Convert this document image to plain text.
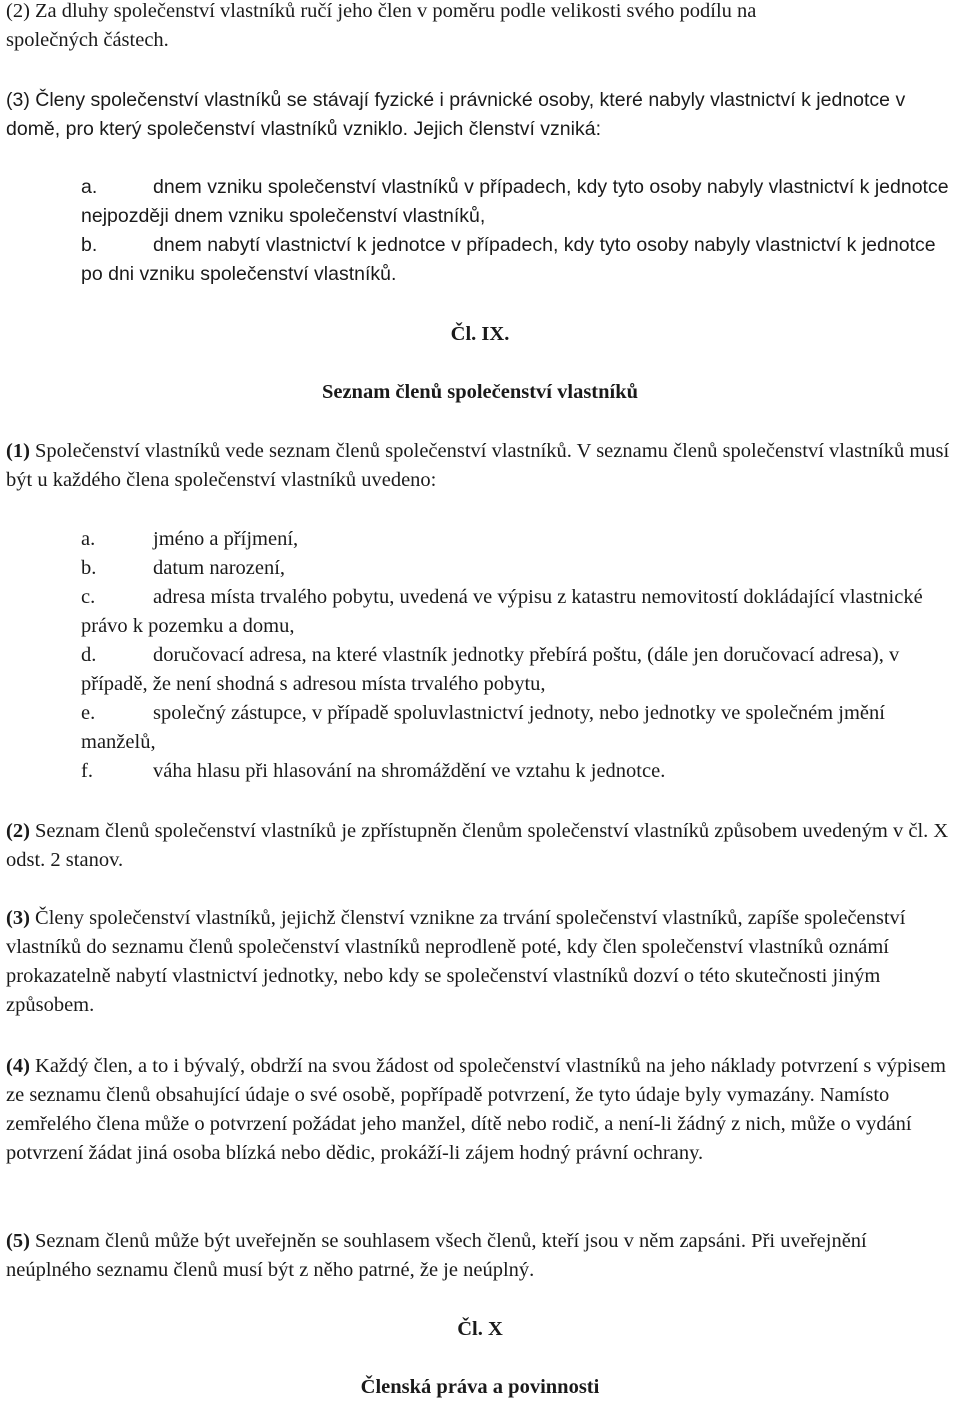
(2) Za dluhy společenství vlastníků ručí jeho člen v poměru podle velikosti svého podílu na
společných částech.

(3) Členy společenství vlastníků se stávají fyzické i právnické osoby, které nabyly vlastnictví k jednotce v domě, pro který společenství vlastníků vzniklo. Jejich členství vzniká:

a.	dnem vzniku společenství vlastníků v případech, kdy tyto osoby nabyly vlastnictví k jednotce nejpozději dnem vzniku společenství vlastníků,
b.	dnem nabytí vlastnictví k jednotce v případech, kdy tyto osoby nabyly vlastnictví k jednotce po dni vzniku společenství vlastníků.
Čl. IX.
Seznam členů společenství vlastníků

(1) Společenství vlastníků vede seznam členů společenství vlastníků. V seznamu členů společenství vlastníků musí být u každého člena společenství vlastníků uvedeno:

a.	jméno a příjmení,
b.	datum narození,
c.	adresa místa trvalého pobytu, uvedená ve výpisu z katastru nemovitostí dokládající vlastnické právo k pozemku a domu,
d.	doručovací adresa, na které vlastník jednotky přebírá poštu, (dále jen doručovací adresa), v případě, že není shodná s adresou místa trvalého pobytu,
e.	společný zástupce, v případě spoluvlastnictví jednoty, nebo jednotky ve společném jmění manželů,
f.	váha hlasu při hlasování na shromáždění ve vztahu k jednotce.

(2) Seznam členů společenství vlastníků je zpřístupněn členům společenství vlastníků způsobem uvedeným v čl. X odst. 2 stanov.

(3) Členy společenství vlastníků, jejichž členství vznikne za trvání společenství vlastníků, zapíše společenství vlastníků do seznamu členů společenství vlastníků neprodleně poté, kdy člen společenství vlastníků oznámí prokazatelně nabytí vlastnictví jednotky, nebo kdy se společenství vlastníků dozví o této skutečnosti jiným způsobem.

(4) Každý člen, a to i bývalý, obdrží na svou žádost od společenství vlastníků na jeho náklady potvrzení s výpisem ze seznamu členů obsahující údaje o své osobě, popřípadě potvrzení, že tyto údaje byly vymazány. Namísto zemřelého člena může o potvrzení požádat jeho manžel, dítě nebo rodič, a není-li žádný z nich, může o vydání potvrzení žádat jiná osoba blízká nebo dědic, prokáží-li zájem hodný právní ochrany.

(5) Seznam členů může být uveřejněn se souhlasem všech členů, kteří jsou v něm zapsáni. Při uveřejnění neúplného seznamu členů musí být z něho patrné, že je neúplný.

Čl. X
Členská práva a povinnosti
